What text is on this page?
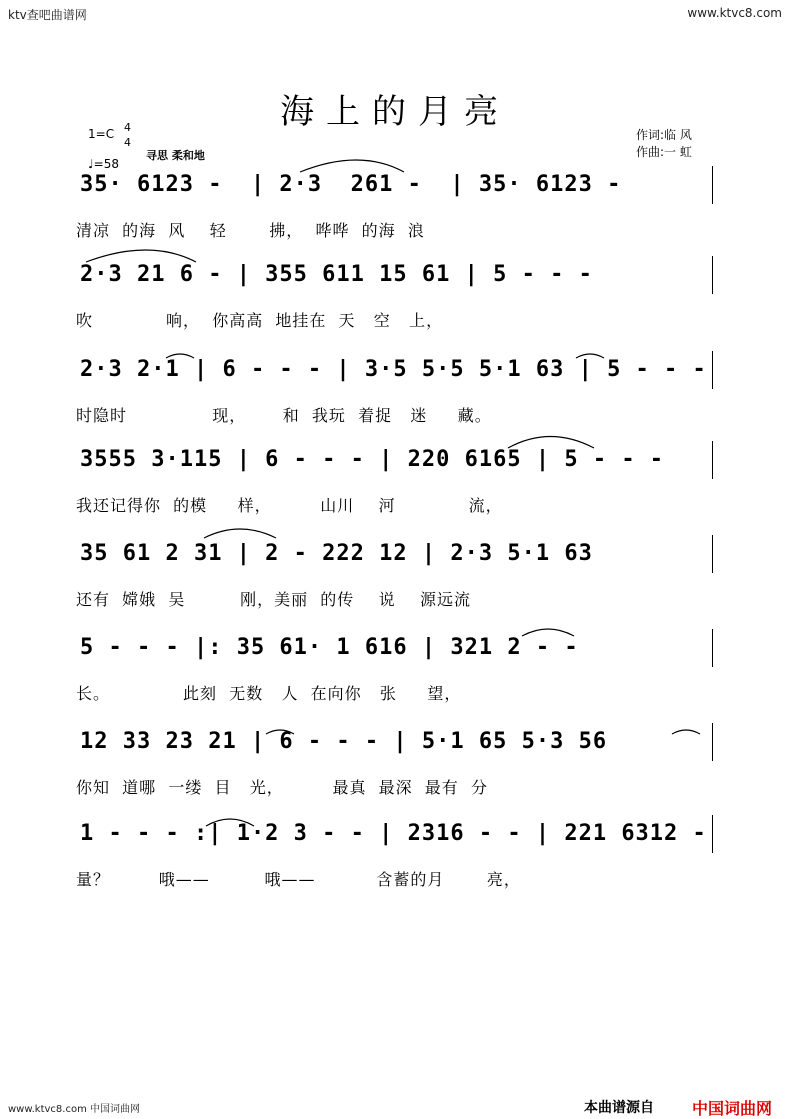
ktv查吧曲谱网	www.ktvc8.com
海上的月亮
1=C 4
4
寻思 柔和地
♩=58
作词:临 风
作曲:一 虹
35· 6123 -  | 2·3  261 -  | 35· 6123 -
清凉  的海  风    轻       拂，  哗哗  的海  浪
2·3 21 6 - | 355 611 15 61 | 5 - - -
吹            响，  你高高  地挂在  天   空   上，
2·3 2·1 | 6 - - - | 3·5 5·5 5·1 63 | 5 - - -
时隐时              现，      和  我玩  着捉   迷     藏。
3555 3·115 | 6 - - - | 220 6165 | 5 - - -
我还记得你  的模     样，        山川    河            流，
35 61 2 31 | 2 - 222 12 | 2·3 5·1 63
还有  嫦娥  吴         刚，美丽  的传    说    源远流
5 - - - |: 35 61· 1 616 | 321 2 - -
长。            此刻  无数   人  在向你   张     望，
12 33 23 21 | 6 - - - | 5·1 65 5·3 56
你知  道哪  一缕  目   光，        最真  最深  最有  分
1 - - - :| 1·2 3 - - | 2316 - - | 221 6312 -
量？        哦——         哦——          含蓄的月       亮，
本曲谱源自 中国词曲网
www.ktvc8.com 中国词曲网
